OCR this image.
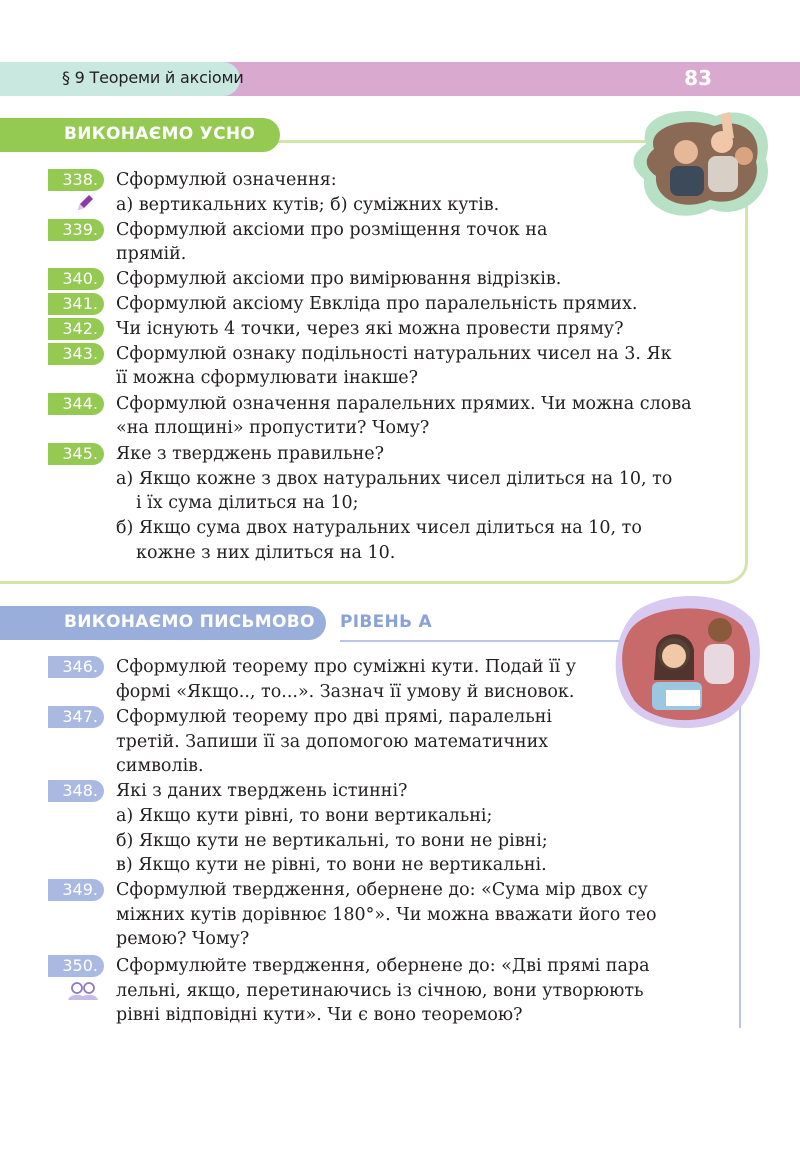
§ 9 Теореми й аксіоми	83
ВИКОНАЄМО УСНО
338.	Сформулюй означення:
а) вертикальних кутів; б) суміжних кутів.
339.	Сформулюй аксіоми про розміщення точок на
прямій.
340.	Сформулюй аксіоми про вимірювання відрізків.
341.	Сформулюй аксіому Евкліда про паралельність прямих.
342.	Чи існують 4 точки, через які можна провести пряму?
343.	Сформулюй ознаку подільності натуральних чисел на 3. Як
її можна сформулювати інакше?
344.	Сформулюй означення паралельних прямих. Чи можна слова
«на площині» пропустити? Чому?
345.	Яке з тверджень правильне?
а) Якщо кожне з двох натуральних чисел ділиться на 10, то
і їх сума ділиться на 10;
б) Якщо сума двох натуральних чисел ділиться на 10, то
кожне з них ділиться на 10.
ВИКОНАЄМО ПИСЬМОВО РІВЕНЬ А
346.	Сформулюй теорему про суміжні кути. Подай її у
формі «Якщо.., то...». Зазнач її умову й висновок.
347.	Сформулюй теорему про дві прямі, паралельні
третій. Запиши її за допомогою математичних
символів.
348.	Які з даних тверджень істинні?
а) Якщо кути рівні, то вони вертикальні;
б) Якщо кути не вертикальні, то вони не рівні;
в) Якщо кути не рівні, то вони не вертикальні.
349.	Сформулюй твердження, обернене до: «Сума мір двох су
міжних кутів дорівнює 180°». Чи можна вважати його тео
ремою? Чому?
350.	Сформулюйте твердження, обернене до: «Дві прямі пара
лельні, якщо, перетинаючись із січною, вони утворюють
рівні відповідні кути». Чи є воно теоремою?
